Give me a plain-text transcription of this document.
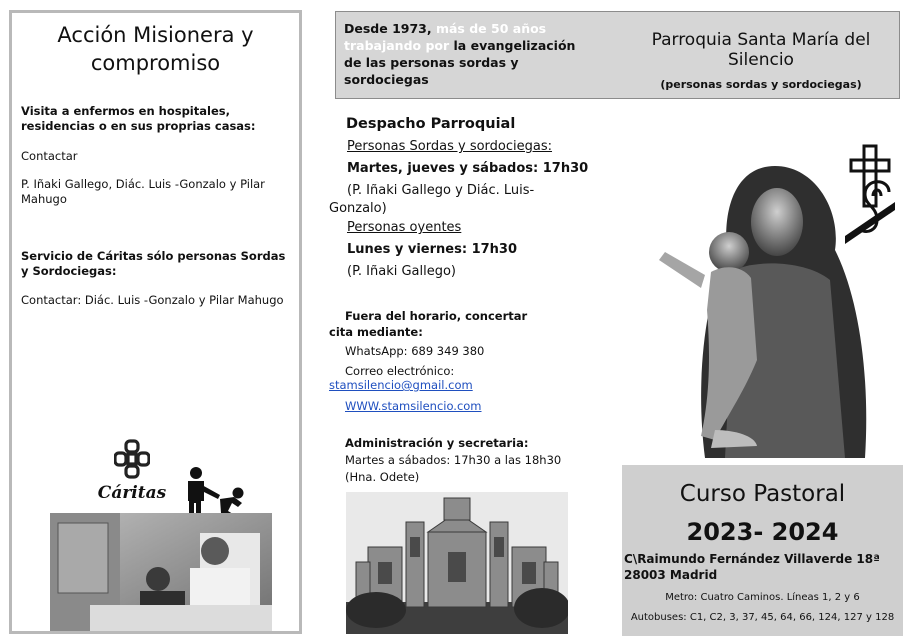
Acción Misionera y compromiso
Visita a enfermos en hospitales, residencias o en sus proprias casas:
Contactar
P. Iñaki Gallego, Diác. Luis -Gonzalo y Pilar Mahugo
Servicio de Cáritas sólo personas Sordas y Sordociegas:
Contactar: Diác. Luis -Gonzalo y Pilar Mahugo
Cáritas
Desde 1973, más de 50 años trabajando por la evangelización de las personas sordas y sordociegas
Parroquia Santa María del Silencio
(personas sordas y sordociegas)
Despacho Parroquial
Personas Sordas y sordociegas:
Martes, jueves y sábados: 17h30
(P. Iñaki Gallego y Diác. Luis-Gonzalo)
Personas oyentes
Lunes y viernes: 17h30
(P. Iñaki Gallego)
Fuera del horario, concertar cita mediante:
WhatsApp: 689 349 380
Correo electrónico:
stamsilencio@gmail.com
WWW.stamsilencio.com
Administración y secretaria:
Martes a sábados: 17h30 a las 18h30
(Hna. Odete)
Curso Pastoral
2023- 2024
C\Raimundo Fernández Villaverde 18ª
28003 Madrid
Metro: Cuatro Caminos. Líneas 1, 2 y 6
Autobuses: C1, C2, 3, 37, 45, 64, 66, 124, 127 y 128
